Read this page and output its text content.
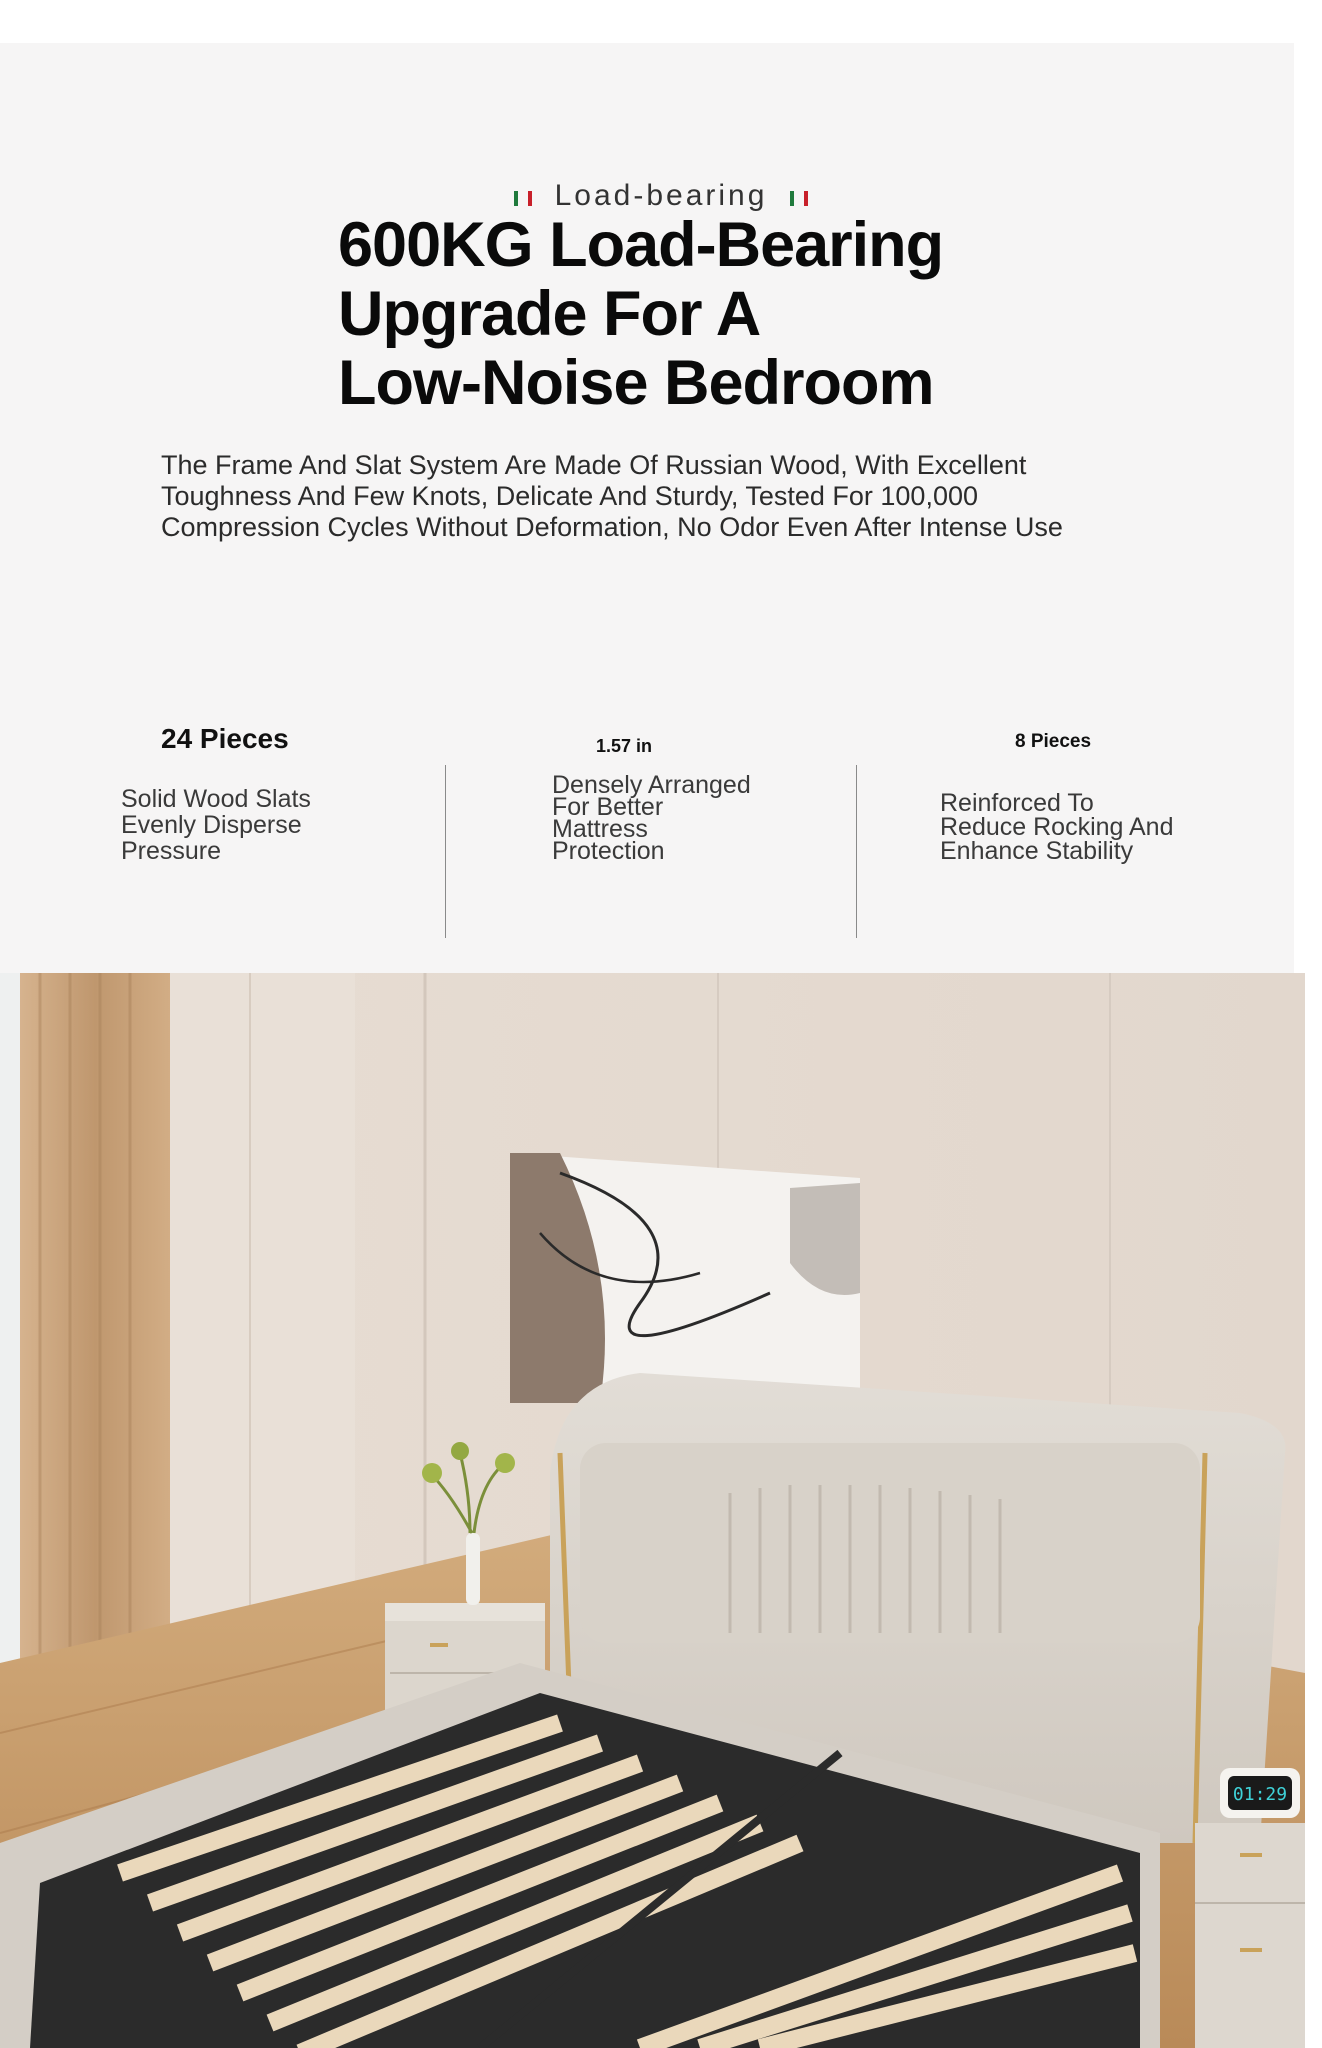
Load-bearing
600KG Load-Bearing
Upgrade For A
Low-Noise Bedroom

The Frame And Slat System Are Made Of Russian Wood, With Excellent
Toughness And Few Knots, Delicate And Sturdy, Tested For 100,000
Compression Cycles Without Deformation, No Odor Even After Intense Use

24 Pieces
Solid Wood Slats
Evenly Disperse
Pressure
1.57 in
Densely Arranged
For Better
Mattress
Protection
8 Pieces
Reinforced To
Reduce Rocking And
Enhance Stability
01:29
